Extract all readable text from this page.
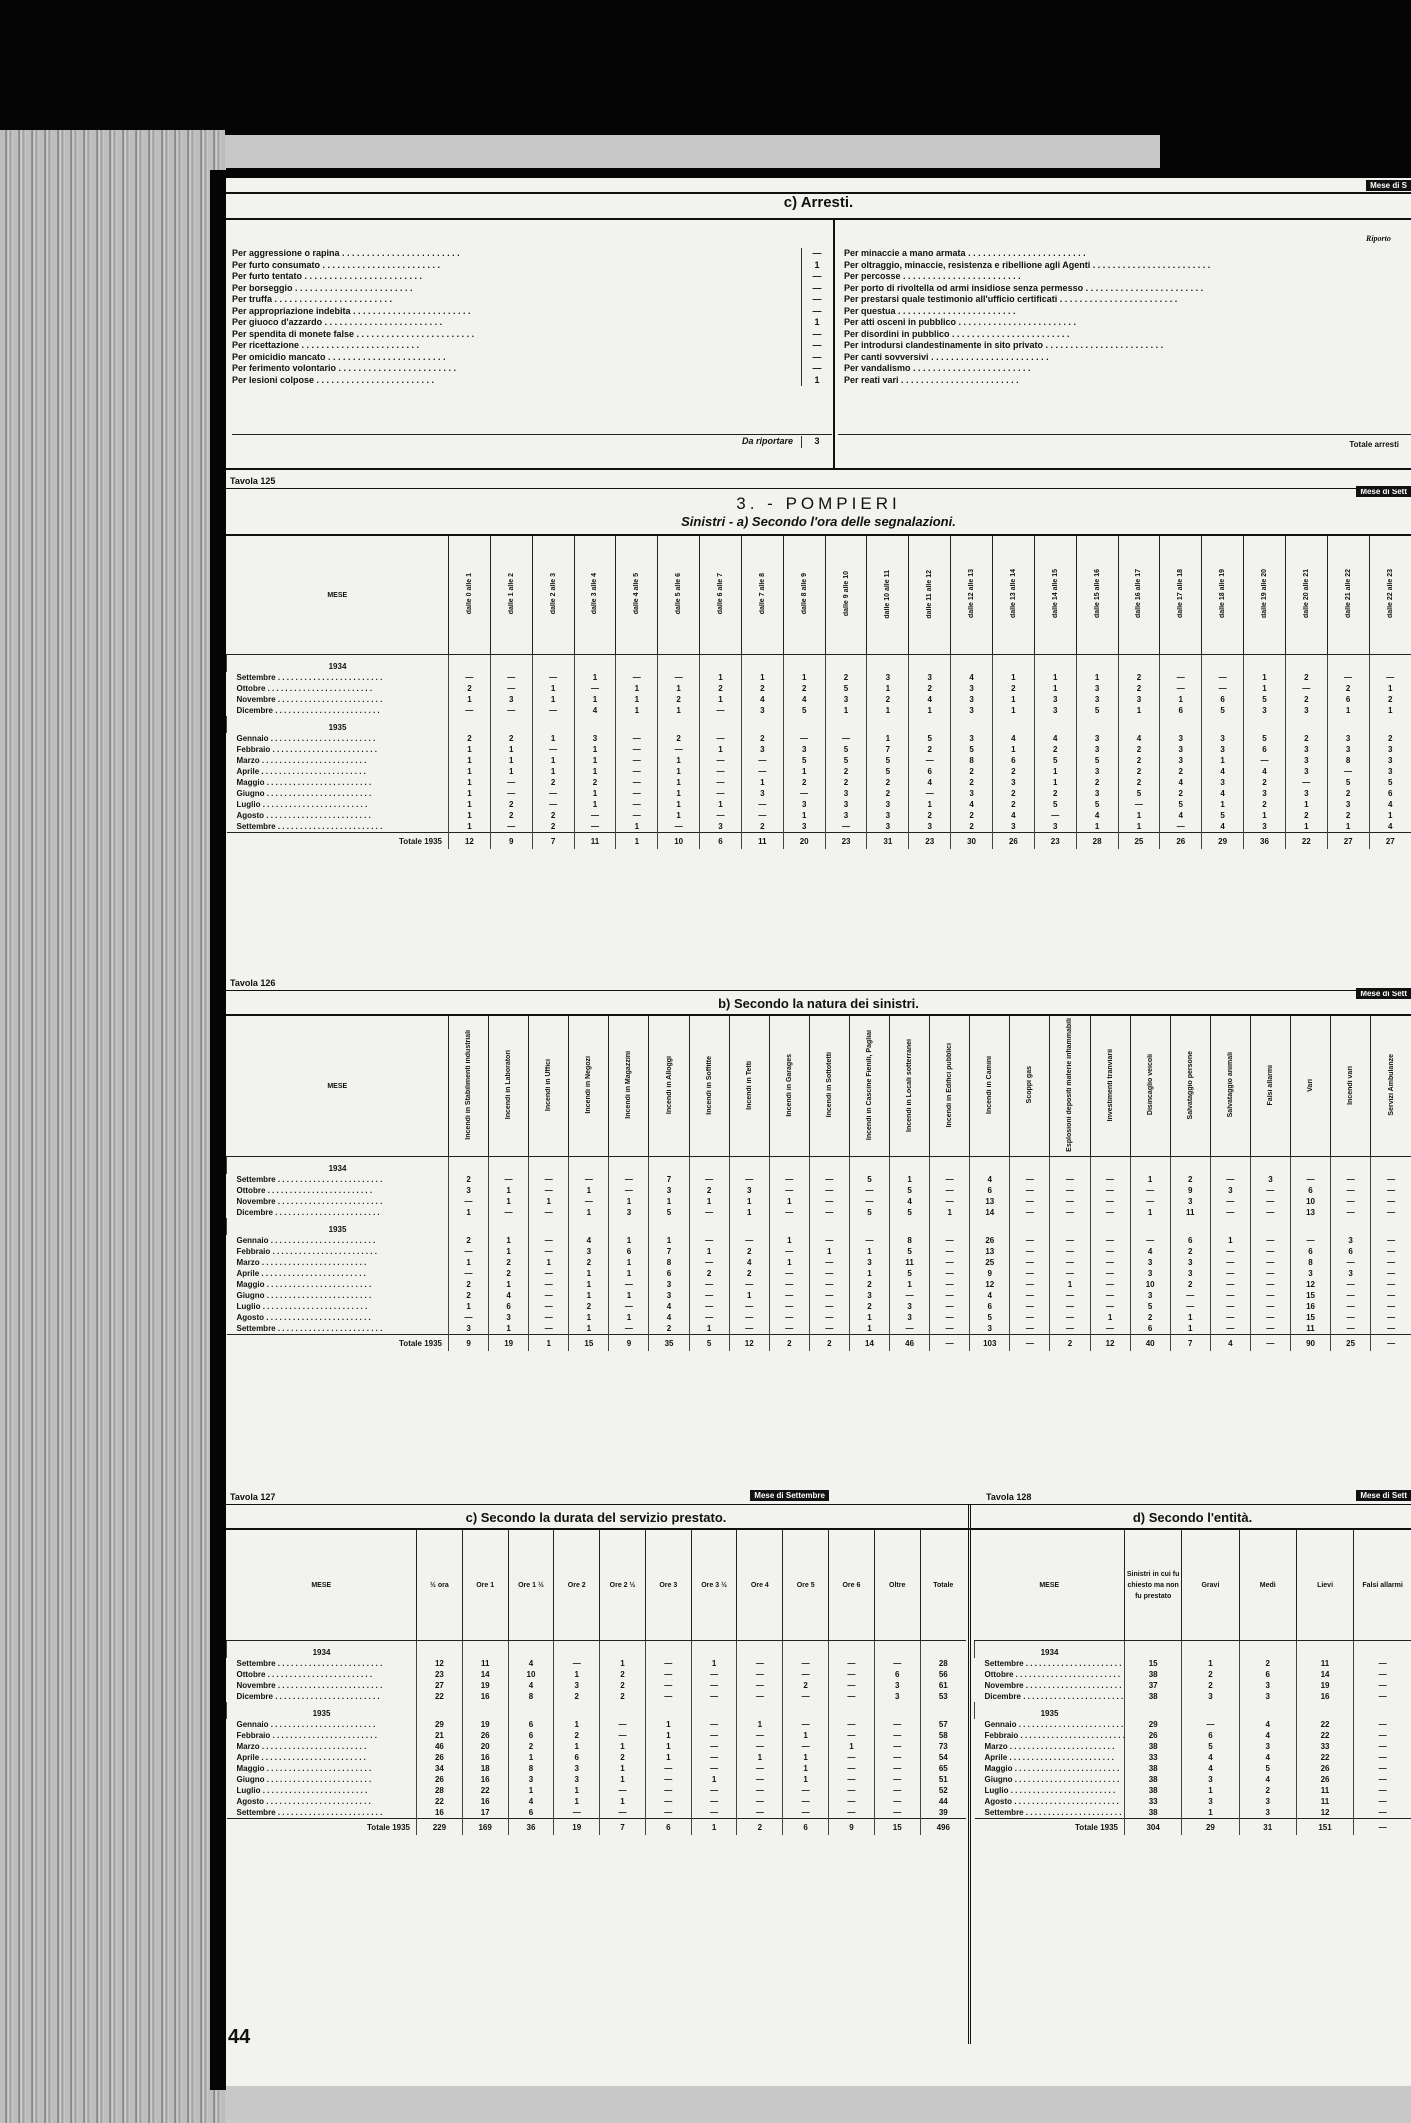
Mese di S
c) Arresti.
Per aggressione o rapina . . .	—
Per furto consumato . . .	1
Per furto tentato . . .	—
Per borseggio . . .	—
Per truffa . . .	—
Per appropriazione indebita . . .	—
Per giuoco d'azzardo . . .	1
Per spendita di monete false . . .	—
Per ricettazione . . .	—
Per omicidio mancato . . .	—
Per ferimento volontario . . .	—
Per lesioni colpose . . .	1
Da riportare	3
Riporto
Per minaccie a mano armata . . .
Per oltraggio, minaccie, resistenza e ribellione agli Agenti . . .
Per percosse . . .
Per porto di rivoltella od armi insidiose senza permesso . . .
Per prestarsi quale testimonio all'ufficio certificati . . .
Per questua . . .
Per atti osceni in pubblico . . .
Per disordini in pubblico . . .
Per introdursi clandestinamente in sito privato . . .
Per canti sovversivi . . .
Per vandalismo . . .
Per reati vari . . .
Totale arresti
Tavola 125
Mese di Sett
3. - POMPIERI
Sinistri - a) Secondo l'ora delle segnalazioni.
MESE	dalle 0 alle 1	dalle 1 alle 2	dalle 2 alle 3	dalle 3 alle 4	dalle 4 alle 5	dalle 5 alle 6	dalle 6 alle 7	dalle 7 alle 8	dalle 8 alle 9	dalle 9 alle 10	dalle 10 alle 11	dalle 11 alle 12	dalle 12 alle 13	dalle 13 alle 14	dalle 14 alle 15	dalle 15 alle 16	dalle 16 alle 17	dalle 17 alle 18	dalle 18 alle 19	dalle 19 alle 20	dalle 20 alle 21	dalle 21 alle 22	dalle 22 alle 23
1934																							
Settembre . . .	—	—	—	1	—	—	1	1	1	2	3	3	4	1	1	1	2	—	—	1	2	—	—
Ottobre . . .	2	—	1	—	1	1	2	2	2	5	1	2	3	2	1	3	2	—	—	1	—	2	1
Novembre . . .	1	3	1	1	1	2	1	4	4	3	2	4	3	1	3	3	3	1	6	5	2	6	2
Dicembre . . .	—	—	—	4	1	1	—	3	5	1	1	1	3	1	3	5	1	6	5	3	3	1	1
1935																							
Gennaio . . .	2	2	1	3	—	2	—	2	—	—	1	5	3	4	4	3	4	3	3	5	2	3	2
Febbraio . . .	1	1	—	1	—	—	1	3	3	5	7	2	5	1	2	3	2	3	3	6	3	3	3
Marzo . . .	1	1	1	1	—	1	—	—	5	5	5	—	8	6	5	5	2	3	1	—	3	8	3
Aprile . . .	1	1	1	1	—	1	—	—	1	2	5	6	2	2	1	3	2	2	4	4	3	—	3
Maggio . . .	1	—	2	2	—	1	—	1	2	2	2	4	2	3	1	2	2	4	3	2	—	5	5
Giugno . . .	1	—	—	1	—	1	—	3	—	3	2	—	3	2	2	3	5	2	4	3	3	2	6
Luglio . . .	1	2	—	1	—	1	1	—	3	3	3	1	4	2	5	5	—	5	1	2	1	3	4
Agosto . . .	1	2	2	—	—	1	—	—	1	3	3	2	2	4	—	4	1	4	5	1	2	2	1
Settembre . . .	1	—	2	—	1	—	3	2	3	—	3	3	2	3	3	1	1	—	4	3	1	1	4
Totale 1935	12	9	7	11	1	10	6	11	20	23	31	23	30	26	23	28	25	26	29	36	22	27	27
Tavola 126
Mese di Sett
b) Secondo la natura dei sinistri.
MESE	Incendi in Stabilimenti industriali	Incendi in Laboratori	Incendi in Uffici	Incendi in Negozi	Incendi in Magazzini	Incendi in Alloggi	Incendi in Soffitte	Incendi in Tetti	Incendi in Garages	Incendi in Sottotetti	Incendi in Cascine Fienili, Pagliai	Incendi in Locali sotterranei	Incendi in Edifici pubblici	Incendi in Camini	Scoppi gas	Esplosioni depositi materie infiammabili	Investimenti tranviarii	Disincaglio veicoli	Salvataggio persone	Salvataggio animali	Falsi allarmi	Vari	Incendi vari	Servizi Ambulanze
1934																								
Settembre . . .	2	—	—	—	—	7	—	—	—	—	5	1	—	4	—	—	—	1	2	—	3	—	—	—
Ottobre . . .	3	1	—	1	—	3	2	3	—	—	—	5	—	6	—	—	—	—	9	3	—	6	—	—
Novembre . . .	—	1	1	—	1	1	1	1	1	—	—	4	—	13	—	—	—	—	3	—	—	10	—	—
Dicembre . . .	1	—	—	1	3	5	—	1	—	—	5	5	1	14	—	—	—	1	11	—	—	13	—	—
1935																								
Gennaio . . .	2	1	—	4	1	1	—	—	1	—	—	8	—	26	—	—	—	—	6	1	—	—	3	—
Febbraio . . .	—	1	—	3	6	7	1	2	—	1	1	5	—	13	—	—	—	4	2	—	—	6	6	—
Marzo . . .	1	2	1	2	1	8	—	4	1	—	3	11	—	25	—	—	—	3	3	—	—	8	—	—
Aprile . . .	—	2	—	1	1	6	2	2	—	—	1	5	—	9	—	—	—	3	3	—	—	3	3	—
Maggio . . .	2	1	—	1	—	3	—	—	—	—	2	1	—	12	—	1	—	10	2	—	—	12	—	—
Giugno . . .	2	4	—	1	1	3	—	1	—	—	3	—	—	4	—	—	—	3	—	—	—	15	—	—
Luglio . . .	1	6	—	2	—	4	—	—	—	—	2	3	—	6	—	—	—	5	—	—	—	16	—	—
Agosto . . .	—	3	—	1	1	4	—	—	—	—	1	3	—	5	—	—	1	2	1	—	—	15	—	—
Settembre . . .	3	1	—	1	—	2	1	—	—	—	1	—	—	3	—	—	—	6	1	—	—	11	—	—
Totale 1935	9	19	1	15	9	35	5	12	2	2	14	46	—	103	—	2	12	40	7	4	—	90	25	—
Tavola 127	Mese di Settembre	Tavola 128	Mese di Sett
c) Secondo la durata del servizio prestato.	d) Secondo l'entità.
MESE	½ ora	Ore 1	Ore 1 ½	Ore 2	Ore 2 ½	Ore 3	Ore 3 ½	Ore 4	Ore 5	Ore 6	Oltre	Totale

1934												
Settembre . . .	12	11	4	—	1	—	1	—	—	—	—	28
Ottobre . . .	23	14	10	1	2	—	—	—	—	—	6	56
Novembre . . .	27	19	4	3	2	—	—	—	2	—	3	61
Dicembre . . .	22	16	8	2	2	—	—	—	—	—	3	53
1935												
Gennaio . . .	29	19	6	1	—	1	—	1	—	—	—	57
Febbraio . . .	21	26	6	2	—	1	—	—	1	—	—	58
Marzo . . .	46	20	2	1	1	1	—	—	—	1	—	73
Aprile . . .	26	16	1	6	2	1	—	1	1	—	—	54
Maggio . . .	34	18	8	3	1	—	—	—	1	—	—	65
Giugno . . .	26	16	3	3	1	—	1	—	1	—	—	51
Luglio . . .	28	22	1	1	—	—	—	—	—	—	—	52
Agosto . . .	22	16	4	1	1	—	—	—	—	—	—	44
Settembre . . .	16	17	6	—	—	—	—	—	—	—	—	39
Totale 1935	229	169	36	19	7	6	1	2	6	9	15	496
MESE	Sinistri in cui fu chiesto ma non fu prestato	Gravi	Medi	Lievi	Falsi allarmi

1934					
Settembre . . .	15	1	2	11	—
Ottobre . . .	38	2	6	14	—
Novembre . . .	37	2	3	19	—
Dicembre . . .	38	3	3	16	—
1935					
Gennaio . . .	29	—	4	22	—
Febbraio . . .	26	6	4	22	—
Marzo . . .	38	5	3	33	—
Aprile . . .	33	4	4	22	—
Maggio . . .	38	4	5	26	—
Giugno . . .	38	3	4	26	—
Luglio . . .	38	1	2	11	—
Agosto . . .	33	3	3	11	—
Settembre . . .	38	1	3	12	—
Totale 1935	304	29	31	151	—
44
